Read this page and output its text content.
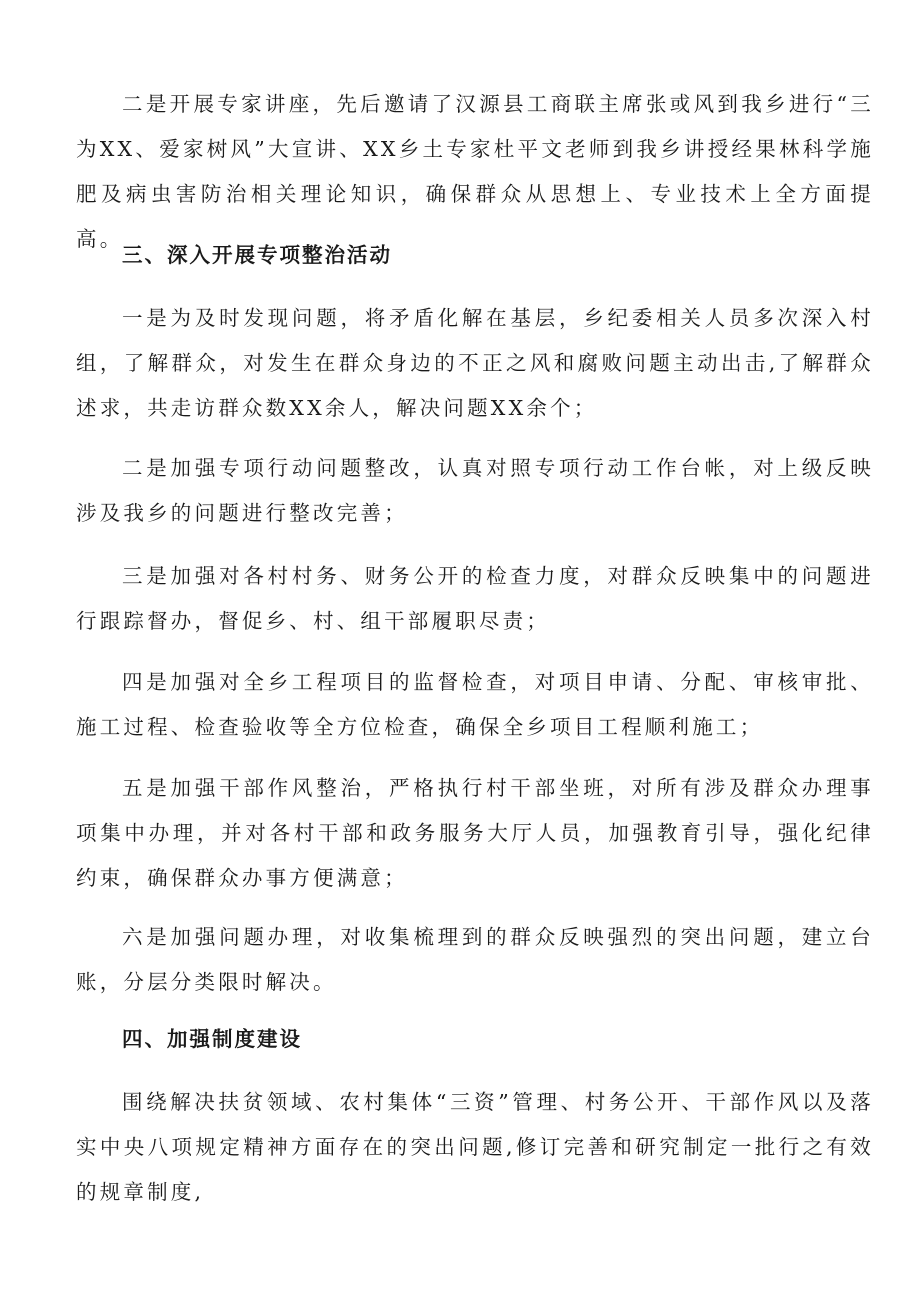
二是开展专家讲座，先后邀请了汉源县工商联主席张或风到我乡进行“三为XX、爱家树风”大宣讲、XX乡土专家杜平文老师到我乡讲授经果林科学施肥及病虫害防治相关理论知识，确保群众从思想上、专业技术上全方面提高。

三、深入开展专项整治活动

一是为及时发现问题，将矛盾化解在基层，乡纪委相关人员多次深入村组，了解群众，对发生在群众身边的不正之风和腐败问题主动出击,了解群众述求，共走访群众数XX余人，解决问题XX余个；

二是加强专项行动问题整改，认真对照专项行动工作台帐，对上级反映涉及我乡的问题进行整改完善；

三是加强对各村村务、财务公开的检查力度，对群众反映集中的问题进行跟踪督办，督促乡、村、组干部履职尽责；

四是加强对全乡工程项目的监督检查，对项目申请、分配、审核审批、施工过程、检查验收等全方位检查，确保全乡项目工程顺利施工；

五是加强干部作风整治，严格执行村干部坐班，对所有涉及群众办理事项集中办理，并对各村干部和政务服务大厅人员，加强教育引导，强化纪律约束，确保群众办事方便满意；

六是加强问题办理，对收集梳理到的群众反映强烈的突出问题，建立台账，分层分类限时解决。

四、加强制度建设

围绕解决扶贫领域、农村集体“三资”管理、村务公开、干部作风以及落实中央八项规定精神方面存在的突出问题,修订完善和研究制定一批行之有效的规章制度,
